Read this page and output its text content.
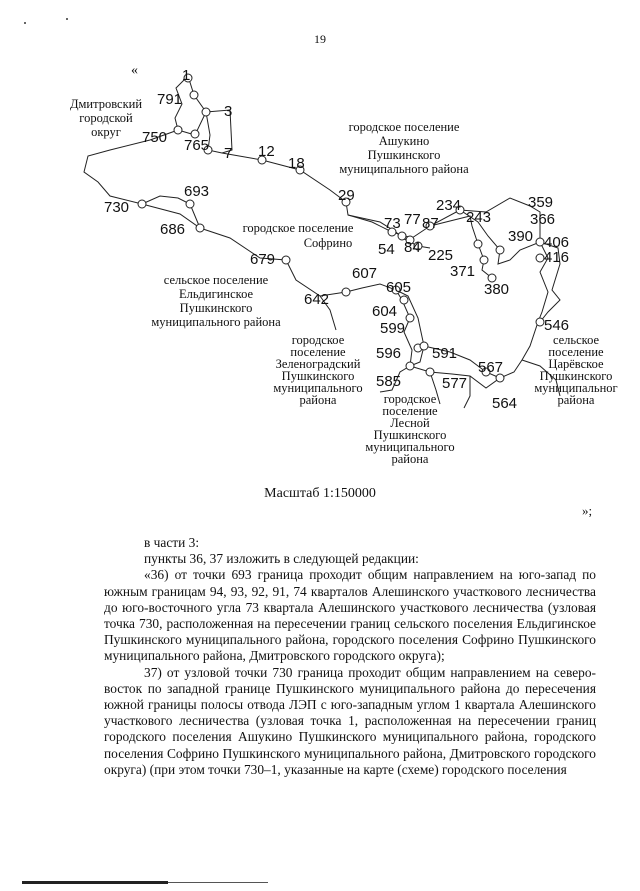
19
«
Дмитровский
городской
округ	городское поселение
Ашукино
Пушкинского
муниципального района
городское поселение
Софрино
сельское поселение
Ельдигинское
Пушкинского
муниципального района
городское
поселение
Зеленоградский
Пушкинского
муниципального
района	городское
поселение
Лесной
Пушкинского
муниципального
района
сельское
поселение
Царёвское
Пушкинского
муниципальног
района
1
791
3
750 765 7 12
18
29
693
730
686
679
73 77 87
54 84 225
234
243
359
366
390 406
416
371
380
607
605
642
604
599
596 591
585	577
567
564
546
Масштаб 1:150000
»;

в части 3:

пункты 36, 37 изложить в следующей редакции:

«36) от точки 693 граница проходит общим направлением на юго-запад по южным границам 94, 93, 92, 91, 74 кварталов Алешинского участкового лесничества до юго-восточного угла 73 квартала Алешинского участкового лесничества (узловая точка 730, расположенная на пересечении границ сельского поселения Ельдигинское Пушкинского муниципального района, городского поселения Софрино Пушкинского муниципального района, Дмитровского городского округа);

37) от узловой точки 730 граница проходит общим направлением на северо-восток по западной границе Пушкинского муниципального района до пересечения южной границы полосы отвода ЛЭП с юго-западным углом 1 квартала Алешинского участкового лесничества (узловая точка 1, расположенная на пересечении границ городского поселения Ашукино Пушкинского муниципального района, городского поселения Софрино Пушкинского муниципального района, Дмитровского городского округа) (при этом точки 730–1, указанные на карте (схеме) городского поселения
